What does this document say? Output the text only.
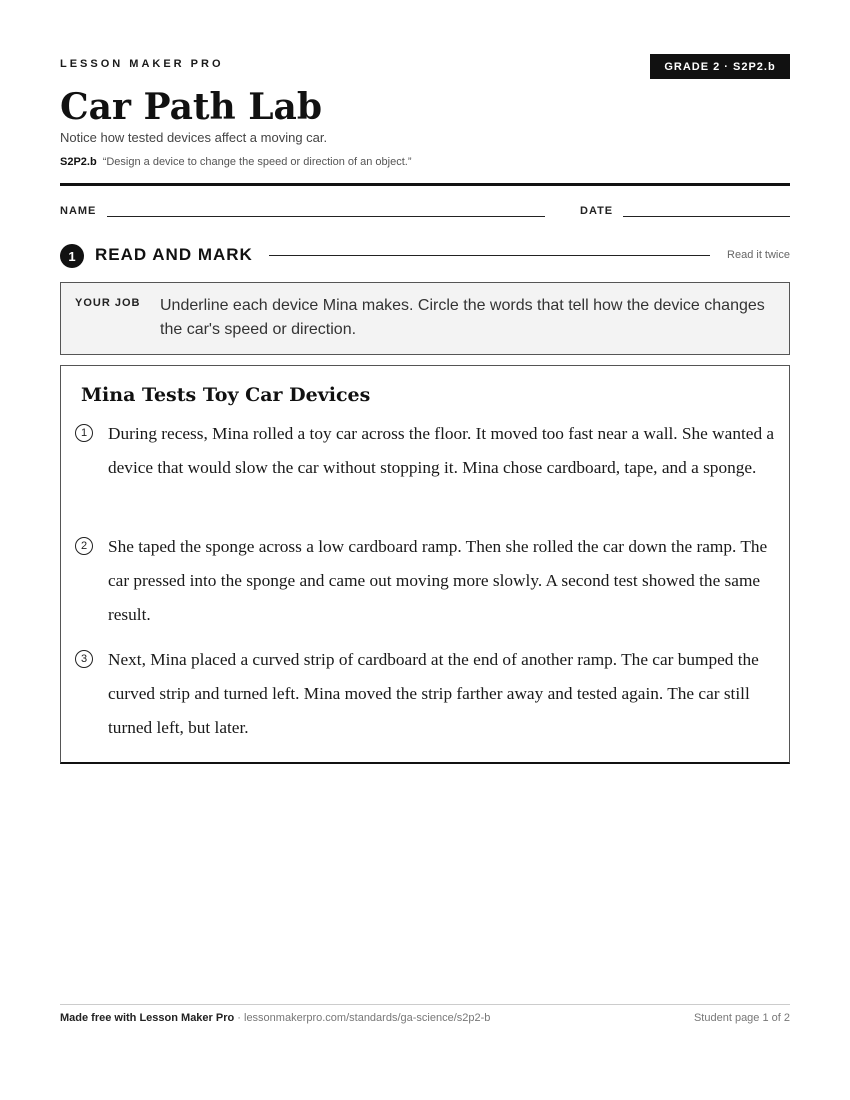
LESSON MAKER PRO	GRADE 2 · S2P2.b
Car Path Lab
Notice how tested devices affect a moving car.
S2P2.b “Design a device to change the speed or direction of an object.”
NAME	DATE
1	READ AND MARK	Read it twice
YOUR JOB Underline each device Mina makes. Circle the words that tell how the device changes the car's speed or direction.
Mina Tests Toy Car Devices
1	During recess, Mina rolled a toy car across the floor. It moved too fast near a wall. She wanted a device that would slow the car without stopping it. Mina chose cardboard, tape, and a sponge.
2	She taped the sponge across a low cardboard ramp. Then she rolled the car down the ramp. The car pressed into the sponge and came out moving more slowly. A second test showed the same result.
3	Next, Mina placed a curved strip of cardboard at the end of another ramp. The car bumped the curved strip and turned left. Mina moved the strip farther away and tested again. The car still turned left, but later.
Made free with Lesson Maker Pro · lessonmakerpro.com/standards/ga-science/s2p2-b	Student page 1 of 2
